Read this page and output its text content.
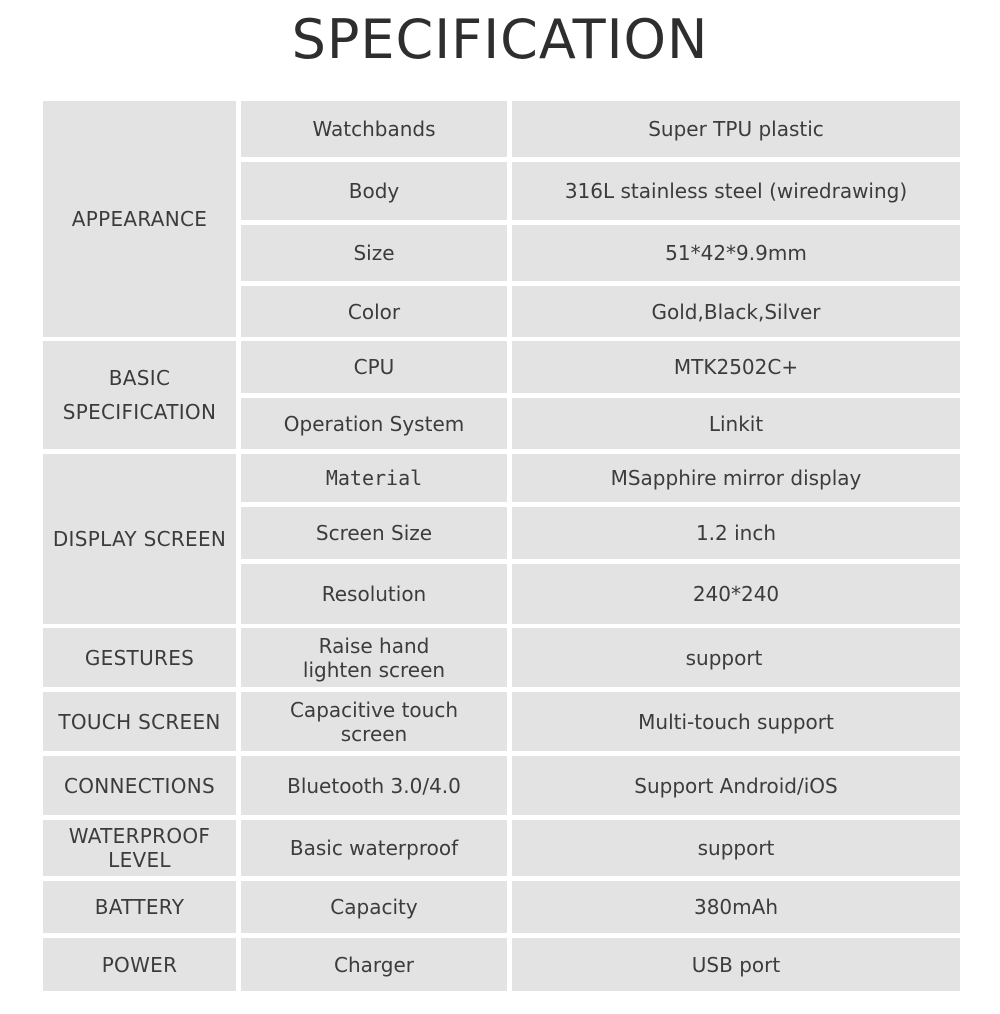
SPECIFICATION
APPEARANCE
BASIC
SPECIFICATION
DISPLAY SCREEN
GESTURES
TOUCH SCREEN
CONNECTIONS
WATERPROOF
LEVEL
BATTERY
POWER
Watchbands
Body
Size
Color
CPU
Operation System
Material
Screen Size
Resolution
Raise hand
lighten screen
Capacitive touch
screen
Bluetooth 3.0/4.0
Basic waterproof
Capacity
Charger
Super TPU plastic
316L stainless steel (wiredrawing)
51*42*9.9mm
Gold,Black,Silver
MTK2502C+
Linkit
MSapphire mirror display
1.2 inch
240*240
support
Multi-touch support
Support Android/iOS
support
380mAh
USB port
